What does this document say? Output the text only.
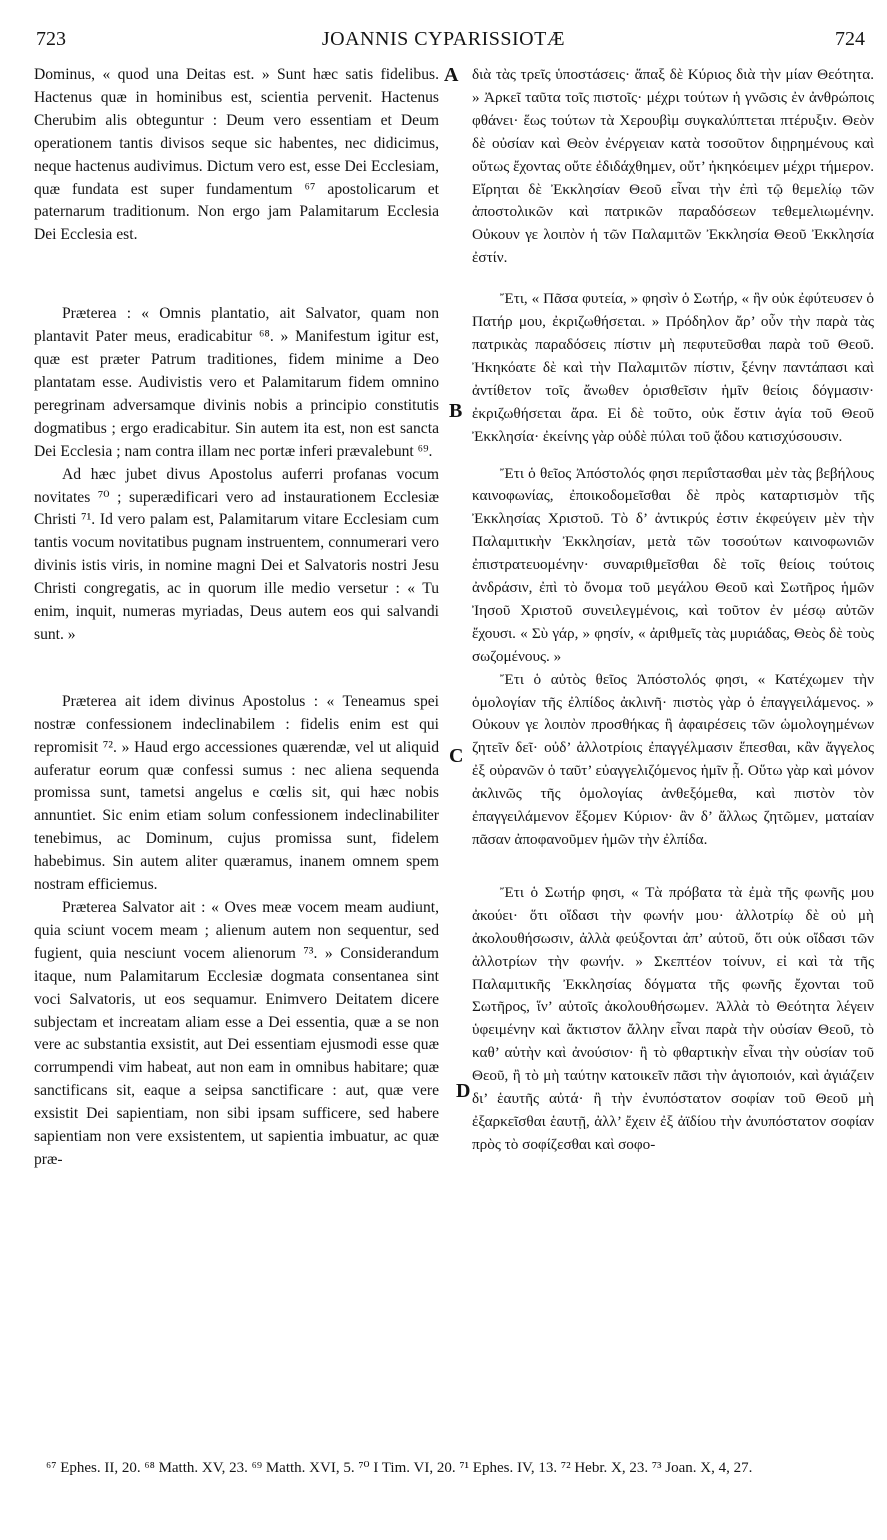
723	JOANNIS CYPARISSIOTÆ	724

Dominus, « quod una Deitas est. » Sunt hæc satis fidelibus. Hactenus quæ in hominibus est, scientia pervenit. Hactenus Cherubim alis obteguntur : Deum vero essentiam et Deum operationem tantis divisos seque sic habentes, nec didicimus, neque hactenus audivimus. Dictum vero est, esse Dei Ecclesiam, quæ fundata est super fundamentum ⁶⁷ apostolicarum et paternarum traditionum. Non ergo jam Palamitarum Ecclesia Dei Ecclesia est.

Præterea : « Omnis plantatio, ait Salvator, quam non plantavit Pater meus, eradicabitur ⁶⁸. » Manifestum igitur est, quæ est præter Patrum traditiones, fidem minime a Deo plantatam esse. Audivistis vero et Palamitarum fidem omnino peregrinam adversamque divinis nobis a principio constitutis dogmatibus ; ergo eradicabitur. Sin autem ita est, non est sancta Dei Ecclesia ; nam contra illam nec portæ inferi prævalebunt ⁶⁹.

Ad hæc jubet divus Apostolus auferri profanas vocum novitates ⁷⁰ ; superædificari vero ad instaurationem Ecclesiæ Christi ⁷¹. Id vero palam est, Palamitarum vitare Ecclesiam cum tantis vocum novitatibus pugnam instruentem, connumerari vero divinis istis viris, in nomine magni Dei et Salvatoris nostri Jesu Christi congregatis, ac in quorum ille medio versetur : « Tu enim, inquit, numeras myriadas, Deus autem eos qui salvandi sunt. »

Præterea ait idem divinus Apostolus : « Teneamus spei nostræ confessionem indeclinabilem : fidelis enim est qui repromisit ⁷². » Haud ergo accessiones quærendæ, vel ut aliquid auferatur eorum quæ confessi sumus : nec aliena sequenda promissa sunt, tametsi angelus e cœlis sit, qui hæc nobis annuntiet. Sic enim etiam solum confessionem indeclinabiliter tenebimus, ac Dominum, cujus promissa sunt, fidelem habebimus. Sin autem aliter quæramus, inanem omnem spem nostram efficiemus.

Præterea Salvator ait : « Oves meæ vocem meam audiunt, quia sciunt vocem meam ; alienum autem non sequentur, sed fugient, quia nesciunt vocem alienorum ⁷³. » Considerandum itaque, num Palamitarum Ecclesiæ dogmata consentanea sint voci Salvatoris, ut eos sequamur. Enimvero Deitatem dicere subjectam et increatam aliam esse a Dei essentia, quæ a se non vere ac substantia exsistit, aut Dei essentiam ejusmodi esse quæ corrumpendi vim habeat, aut non eam in omnibus habitare; quæ sanctificans sit, eaque a seipsa sanctificare : aut, quæ vere exsistit Dei sapientiam, non sibi ipsam sufficere, sed habere sapientiam non vere exsistentem, ut sapientia imbuatur, ac quæ præ-

A
B
C
D

διὰ τὰς τρεῖς ὑποστάσεις· ἅπαξ δὲ Κύριος διὰ τὴν μίαν Θεότητα. » Ἀρκεῖ ταῦτα τοῖς πιστοῖς· μέχρι τούτων ἡ γνῶσις ἐν ἀνθρώποις φθάνει· ἕως τούτων τὰ Χερουβὶμ συγκαλύπτεται πτέρυξιν. Θεὸν δὲ οὐσίαν καὶ Θεὸν ἐνέργειαν κατὰ τοσοῦτον διῃρημένους καὶ οὕτως ἔχοντας οὔτε ἐδιδάχθημεν, οὔτ’ ἠκηκόειμεν μέχρι τήμερον. Εἴρηται δὲ Ἐκκλησίαν Θεοῦ εἶναι τὴν ἐπὶ τῷ θεμελίῳ τῶν ἀποστολικῶν καὶ πατρικῶν παραδόσεων τεθεμελιωμένην. Οὐκουν γε λοιπὸν ἡ τῶν Παλαμιτῶν Ἐκκλησία Θεοῦ Ἐκκλησία ἐστίν.

Ἔτι, « Πᾶσα φυτεία, » φησὶν ὁ Σωτήρ, « ἣν οὐκ ἐφύτευσεν ὁ Πατήρ μου, ἐκριζωθήσεται. » Πρόδηλον ἄρ’ οὖν τὴν παρὰ τὰς πατρικὰς παραδόσεις πίστιν μὴ πεφυτεῦσθαι παρὰ τοῦ Θεοῦ. Ἠκηκόατε δὲ καὶ τὴν Παλαμιτῶν πίστιν, ξένην παντάπασι καὶ ἀντίθετον τοῖς ἄνωθεν ὁρισθεῖσιν ἡμῖν θείοις δόγμασιν· ἐκριζωθήσεται ἄρα. Εἰ δὲ τοῦτο, οὐκ ἔστιν ἁγία τοῦ Θεοῦ Ἐκκλησία· ἐκείνης γὰρ οὐδὲ πύλαι τοῦ ᾅδου κατισχύσουσιν.

Ἔτι ὁ θεῖος Ἀπόστολός φησι περιΐστασθαι μὲν τὰς βεβήλους καινοφωνίας, ἐποικοδομεῖσθαι δὲ πρὸς καταρτισμὸν τῆς Ἐκκλησίας Χριστοῦ. Τὸ δ’ ἀντικρύς ἐστιν ἐκφεύγειν μὲν τὴν Παλαμιτικὴν Ἐκκλησίαν, μετὰ τῶν τοσούτων καινοφωνιῶν ἐπιστρατευομένην· συναριθμεῖσθαι δὲ τοῖς θείοις τούτοις ἀνδράσιν, ἐπὶ τὸ ὄνομα τοῦ μεγάλου Θεοῦ καὶ Σωτῆρος ἡμῶν Ἰησοῦ Χριστοῦ συνειλεγμένοις, καὶ τοῦτον ἐν μέσῳ αὐτῶν ἔχουσι. « Σὺ γάρ, » φησίν, « ἀριθμεῖς τὰς μυριάδας, Θεὸς δὲ τοὺς σωζομένους. »

Ἔτι ὁ αὐτὸς θεῖος Ἀπόστολός φησι, « Κατέχωμεν τὴν ὁμολογίαν τῆς ἐλπίδος ἀκλινῆ· πιστὸς γὰρ ὁ ἐπαγγειλάμενος. » Οὐκουν γε λοιπὸν προσθήκας ἢ ἀφαιρέσεις τῶν ὡμολογημένων ζητεῖν δεῖ· οὐδ’ ἀλλοτρίοις ἐπαγγέλμασιν ἕπεσθαι, κἂν ἄγγελος ἐξ οὐρανῶν ὁ ταῦτ’ εὐαγγελιζόμενος ἡμῖν ᾖ. Οὕτω γὰρ καὶ μόνον ἀκλινῶς τῆς ὁμολογίας ἀνθεξόμεθα, καὶ πιστὸν τὸν ἐπαγγειλάμενον ἕξομεν Κύριον· ἂν δ’ ἄλλως ζητῶμεν, ματαίαν πᾶσαν ἀποφανοῦμεν ἡμῶν τὴν ἐλπίδα.

Ἔτι ὁ Σωτήρ φησι, « Τὰ πρόβατα τὰ ἐμὰ τῆς φωνῆς μου ἀκούει· ὅτι οἴδασι τὴν φωνήν μου· ἀλλοτρίῳ δὲ οὐ μὴ ἀκολουθήσωσιν, ἀλλὰ φεύξονται ἀπ’ αὐτοῦ, ὅτι οὐκ οἴδασι τῶν ἀλλοτρίων τὴν φωνήν. » Σκεπτέον τοίνυν, εἰ καὶ τὰ τῆς Παλαμιτικῆς Ἐκκλησίας δόγματα τῆς φωνῆς ἔχονται τοῦ Σωτῆρος, ἵν’ αὐτοῖς ἀκολουθήσωμεν. Ἀλλὰ τὸ Θεότητα λέγειν ὑφειμένην καὶ ἄκτιστον ἄλλην εἶναι παρὰ τὴν οὐσίαν Θεοῦ, τὸ καθ’ αὑτὴν καὶ ἀνούσιον· ἢ τὸ φθαρτικὴν εἶναι τὴν οὐσίαν τοῦ Θεοῦ, ἢ τὸ μὴ ταύτην κατοικεῖν πᾶσι τὴν ἁγιοποιόν, καὶ ἁγιάζειν δι’ ἑαυτῆς αὐτά· ἢ τὴν ἐνυπόστατον σοφίαν τοῦ Θεοῦ μὴ ἐξαρκεῖσθαι ἑαυτῇ, ἀλλ’ ἔχειν ἐξ ἀϊδίου τὴν ἀνυπόστατον σοφίαν πρὸς τὸ σοφίζεσθαι καὶ σοφο-

⁶⁷ Ephes. II, 20. ⁶⁸ Matth. XV, 23. ⁶⁹ Matth. XVI, 5. ⁷⁰ I Tim. VI, 20. ⁷¹ Ephes. IV, 13. ⁷² Hebr. X, 23. ⁷³ Joan. X, 4, 27.
